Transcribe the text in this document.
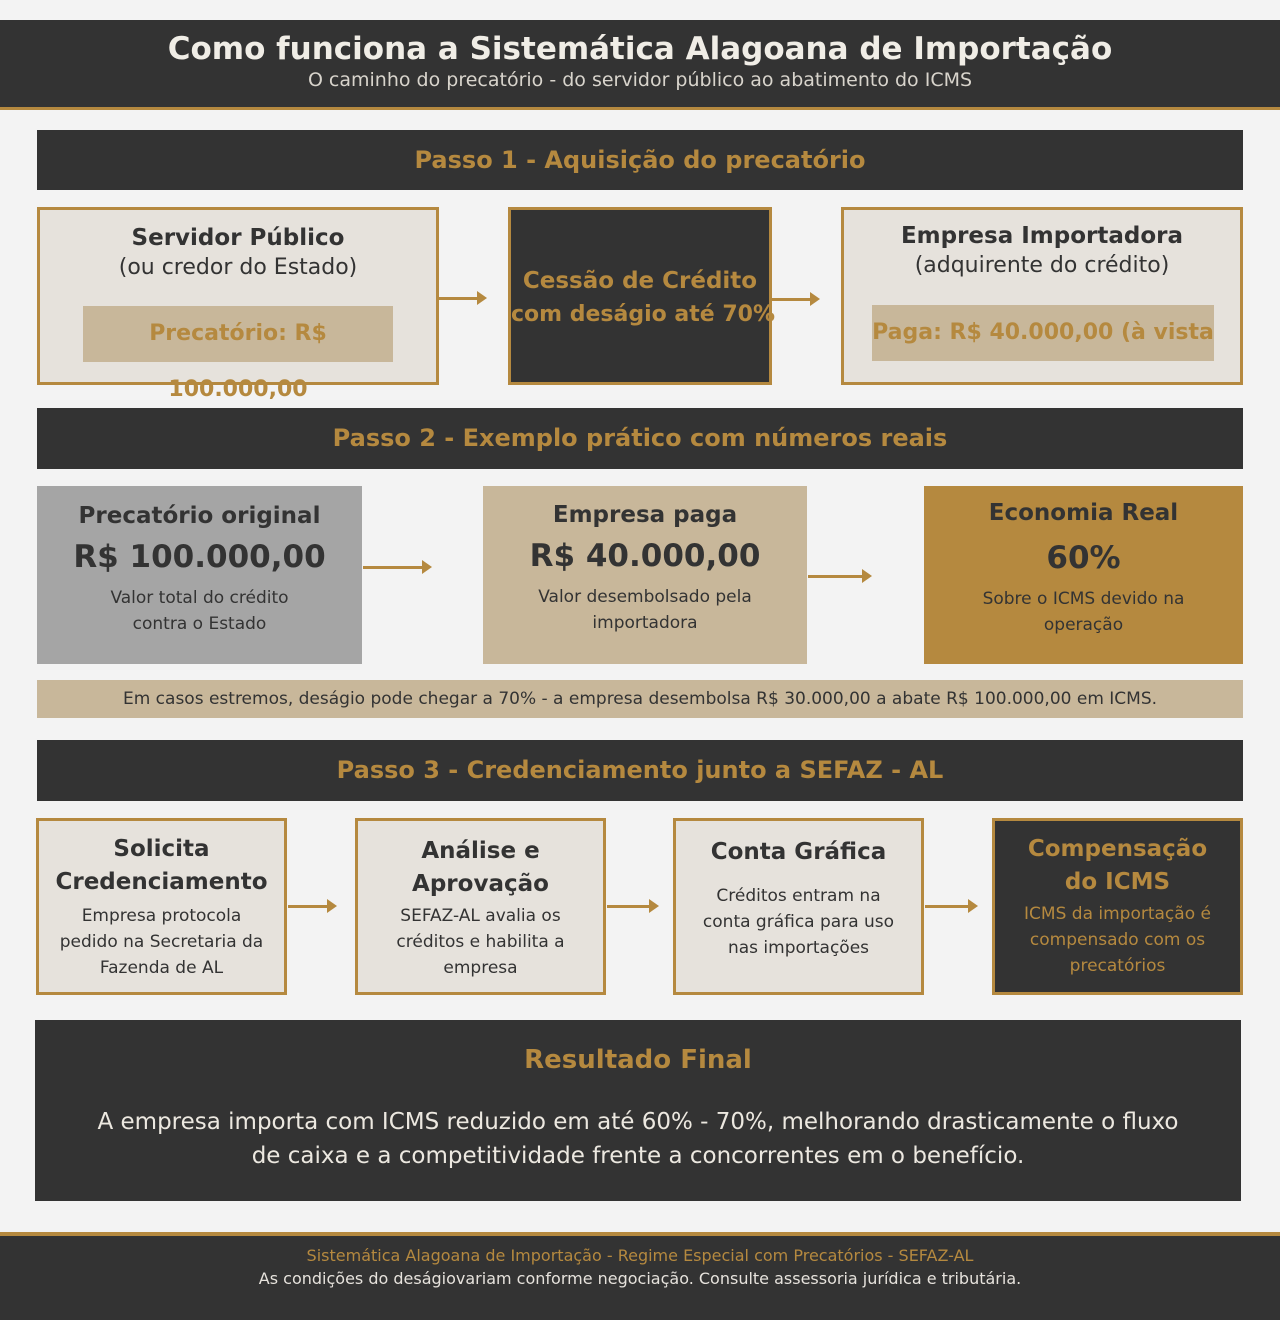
Como funciona a Sistemática Alagoana de Importação
O caminho do precatório - do servidor público ao abatimento do ICMS
Passo 1 - Aquisição do precatório
Servidor Público
(ou credor do Estado)
Precatório: R$ 100.000,00
Cessão de Crédito
com deságio até 70%
Empresa Importadora
(adquirente do crédito)
Paga: R$ 40.000,00 (à vista
Passo 2 - Exemplo prático com números reais
Precatório original
R$ 100.000,00
Valor total do crédito
contra o Estado
Empresa paga
R$ 40.000,00
Valor desembolsado pela
importadora
Economia Real
60%
Sobre o ICMS devido na
operação
Em casos estremos, deságio pode chegar a 70% - a empresa desembolsa R$ 30.000,00 a abate R$ 100.000,00 em ICMS.
Passo 3 - Credenciamento junto a SEFAZ - AL
Solicita
Credenciamento
Empresa protocola
pedido na Secretaria da
Fazenda de AL
Análise e
Aprovação
SEFAZ-AL avalia os
créditos e habilita a
empresa
Conta Gráfica
Créditos entram na
conta gráfica para uso
nas importações
Compensação
do ICMS
ICMS da importação é
compensado com os
precatórios
Resultado Final
A empresa importa com ICMS reduzido em até 60% - 70%, melhorando drasticamente o fluxo
de caixa e a competitividade frente a concorrentes em o benefício.
Sistemática Alagoana de Importação - Regime Especial com Precatórios - SEFAZ-AL
As condições do deságiovariam conforme negociação. Consulte assessoria jurídica e tributária.
